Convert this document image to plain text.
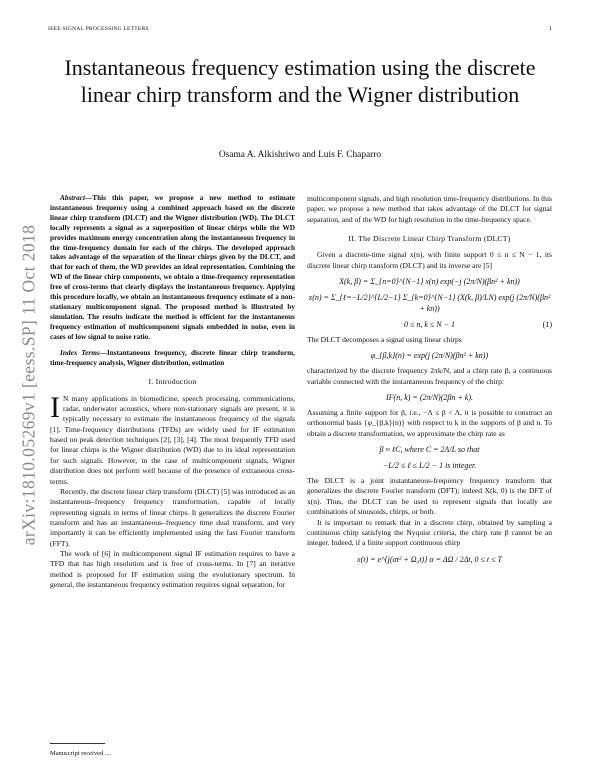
IEEE SIGNAL PROCESSING LETTERS	1
arXiv:1810.05269v1 [eess.SP] 11 Oct 2018
Instantaneous frequency estimation using the discrete linear chirp transform and the Wigner distribution
Osama A. Alkishriwo and Luis F. Chaparro

Abstract—This this paper, we propose a new method to estimate instantaneous frequency using a combined approach based on the discrete linear chirp transform (DLCT) and the Wigner distribution (WD). The DLCT locally represents a signal as a superposition of linear chirps while the WD provides maximum energy concentration along the instantaneous frequency in the time-frequency domain for each of the chirps. The developed approach takes advantage of the separation of the linear chirps given by the DLCT, and that for each of them, the WD provides an ideal representation. Combining the WD of the linear chirp components, we obtain a time-frequency representation free of cross-terms that clearly displays the instantaneous frequency. Applying this procedure locally, we obtain an instantaneous frequency estimate of a non-stationary multicomponent signal. The proposed method is illustrated by simulation. The results indicate the method is efficient for the instantaneous frequency estimation of multicomponent signals embedded in noise, even in cases of low signal to noise ratio.

Index Terms—Instantaneous frequency, discrete linear chirp transform, time-frequency analysis, Wigner distribution, estimation

I. Introduction

I N many applications in biomedicine, speech processing, communications, radar, underwater acoustics, where non-stationary signals are present, it is typically necessary to estimate the instantaneous frequency of the signals [1]. Time-frequency distributions (TFDs) are widely used for IF estimation based on peak detection techniques [2], [3], [4]. The most frequently TFD used for linear chirps is the Wigner distribution (WD) due to its ideal representation for such signals. However, in the case of multicomponent signals, Wigner distribution does not perform well because of the presence of extraneous cross-terms.

Recently, the discrete linear chirp transform (DLCT) [5] was introduced as an instantaneous–frequency frequency transformation, capable of locally representing signals in terms of linear chirps. It generalizes the discrete Fourier transform and has an instantaneous–frequency time dual transform, and very importantly it can be efficiently implemented using the fast Fourier transform (FFT).

The work of [6] in multicomponent signal IF estimation requires to have a TFD that has high resolution and is free of cross-terms. In [7] an iterative method is proposed for IF estimation using the evolutionary spectrum. In general, the instantaneous frequency estimation requires signal separation, for

multicomponent signals, and high resolution time-frequency distributions. In this paper, we propose a new method that takes advantage of the DLCT for signal separation, and of the WD for high resolution in the time-frequency space.

II. The Discrete Linear Chirp Transform (DLCT)

Given a discrete-time signal x(n), with finite support 0 ≤ n ≤ N − 1, its discrete linear chirp transform (DLCT) and its inverse are [5]

X(k, β) = Σ_{n=0}^{N−1} x(n) exp(−j (2π/N)(βn² + kn))
x(n) = Σ_{ℓ=−L/2}^{L/2−1} Σ_{k=0}^{N−1} (X(k, β)/LN) exp(j (2π/N)(βn² + kn))
0 ≤ n, k ≤ N − 1	(1)

The DLCT decomposes a signal using linear chirps

φ_{β,k}(n) = exp(j (2π/N)(βn² + kn))

characterized by the discrete frequency 2πk/N, and a chirp rate β, a continuous variable connected with the instantaneous frequency of the chirp:

IF(n, k) = (2π/N)(2βn + k).

Assuming a finite support for β, i.e., −Λ ≤ β < Λ, it is possible to construct an orthonormal basis {φ_{β,k}(n)} with respect to k in the supports of β and n. To obtain a discrete transformation, we approximate the chirp rate as

β ≈ ℓC, where C = 2Λ/L so that
−L/2 ≤ ℓ ≤ L/2 − 1 is integer.

The DLCT is a joint instantaneous-frequency frequency transform that generalizes the discrete Fourier transform (DFT); indeed X(k, 0) is the DFT of x(n). Thus, the DLCT can be used to represent signals that locally are combinations of sinusoids, chirps, or both.

It is important to remark that in a discrete chirp, obtained by sampling a continuous chirp satisfying the Nyquist criteria, the chirp rate β cannot be an integer. Indeed, if a finite support continuous chirp

x(t) = e^{j(αt² + Ω₀t)} α = ΔΩ / 2Δt, 0 ≤ t ≤ T
Manuscript received ....
